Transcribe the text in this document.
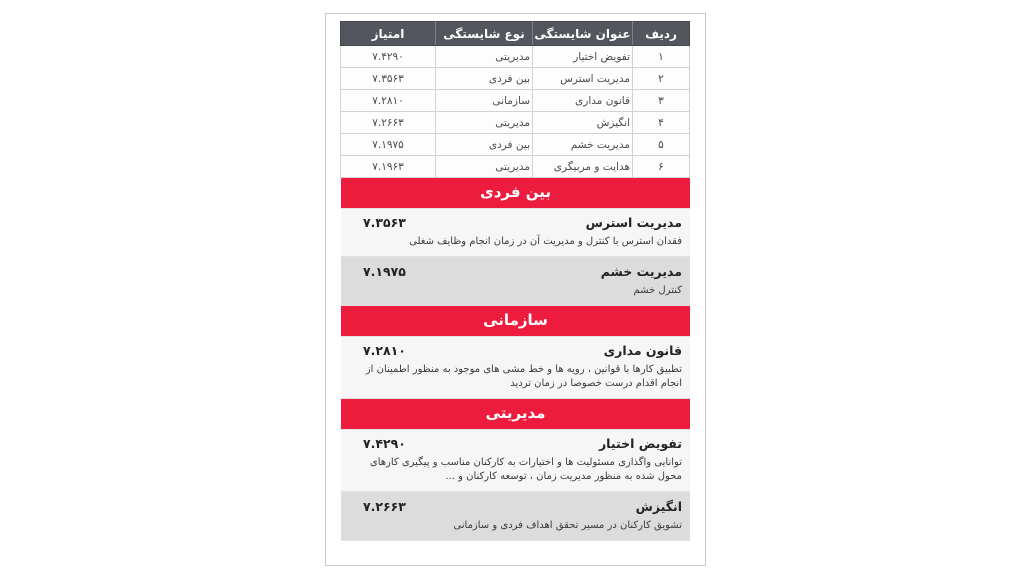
ردیف	عنوان شایستگی	نوع شایستگی	امتیاز
۱	تفویض اختیار	مدیریتی	۷.۴۲۹۰
۲	مدیریت استرس	بین فردی	۷.۳۵۶۳
۳	قانون مداری	سازمانی	۷.۲۸۱۰
۴	انگیزش	مدیریتی	۷.۲۶۶۳
۵	مدیریت خشم	بین فردی	۷.۱۹۷۵
۶	هدایت و مربیگری	مدیریتی	۷.۱۹۶۳
بین فردی
مدیریت استرس
۷.۳۵۶۳
فقدان استرس با کنترل و مدیریت آن در زمان انجام وظایف شغلی
مدیریت خشم
۷.۱۹۷۵
کنترل خشم
سازمانی
قانون مداری
۷.۲۸۱۰
تطبیق کارها با قوانین ، رویه ها و خط مشی های موجود به منظور اطمینان از انجام اقدام درست خصوصا در زمان تردید
مدیریتی
تفویض اختیار
۷.۴۲۹۰
توانایی واگذاری مسئولیت ها و اختیارات به کارکنان مناسب و پیگیری کارهای محول شده به منظور مدیریت زمان ، توسعه کارکنان و ...
انگیزش
۷.۲۶۶۳
تشویق کارکنان در مسیر تحقق اهداف فردی و سازمانی
